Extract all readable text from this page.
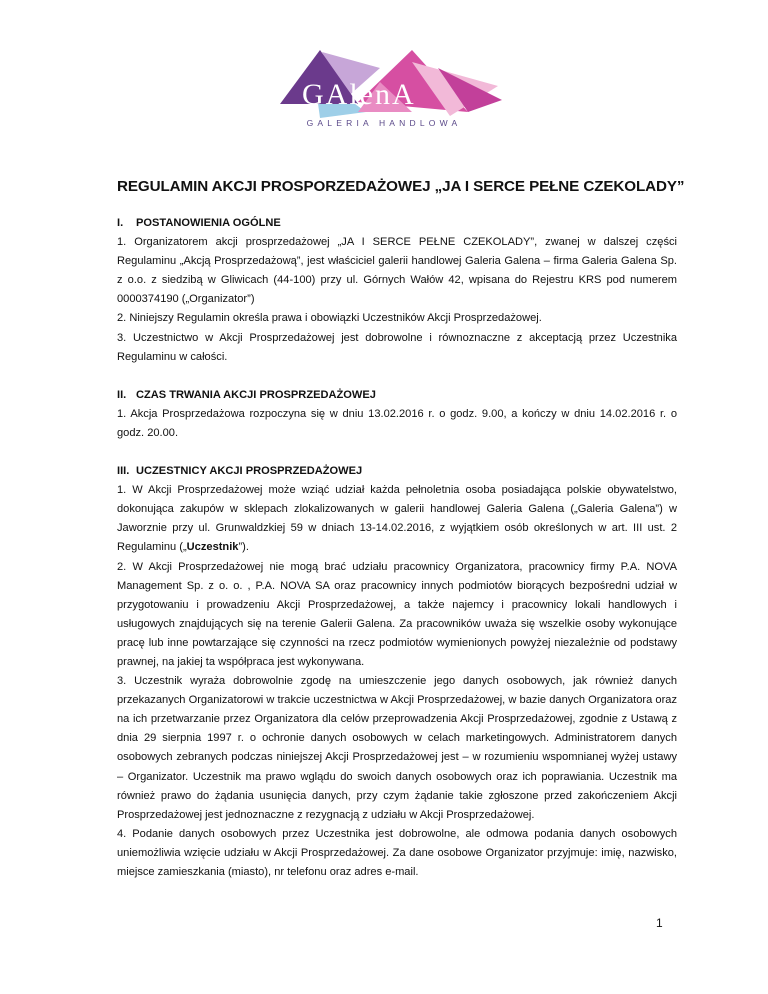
GAlenA
GALERIA HANDLOWA
REGULAMIN AKCJI PROSPORZEDAŻOWEJ „JA I SERCE PEŁNE CZEKOLADY”

I. POSTANOWIENIA OGÓLNE

1. Organizatorem akcji prosprzedażowej „JA I SERCE PEŁNE CZEKOLADY”, zwanej w dalszej części Regulaminu „Akcją Prosprzedażową”, jest właściciel galerii handlowej Galeria Galena – firma Galeria Galena Sp. z o.o. z siedzibą w Gliwicach (44-100) przy ul. Górnych Wałów 42, wpisana do Rejestru KRS pod numerem 0000374190 („Organizator”)

2. Niniejszy Regulamin określa prawa i obowiązki Uczestników Akcji Prosprzedażowej.

3. Uczestnictwo w Akcji Prosprzedażowej jest dobrowolne i równoznaczne z akceptacją przez Uczestnika Regulaminu w całości.

II. CZAS TRWANIA AKCJI PROSPRZEDAŻOWEJ

1. Akcja Prosprzedażowa rozpoczyna się w dniu 13.02.2016 r. o godz. 9.00, a kończy w dniu 14.02.2016 r. o godz. 20.00.

III. UCZESTNICY AKCJI PROSPRZEDAŻOWEJ

1. W Akcji Prosprzedażowej może wziąć udział każda pełnoletnia osoba posiadająca polskie obywatelstwo, dokonująca zakupów w sklepach zlokalizowanych w galerii handlowej Galeria Galena („Galeria Galena”) w Jaworznie przy ul. Grunwaldzkiej 59 w dniach 13-14.02.2016, z wyjątkiem osób określonych w art. III ust. 2 Regulaminu („Uczestnik”).

2. W Akcji Prosprzedażowej nie mogą brać udziału pracownicy Organizatora, pracownicy firmy P.A. NOVA Management Sp. z o. o. , P.A. NOVA SA oraz pracownicy innych podmiotów biorących bezpośredni udział w przygotowaniu i prowadzeniu Akcji Prosprzedażowej, a także najemcy i pracownicy lokali handlowych i usługowych znajdujących się na terenie Galerii Galena. Za pracowników uważa się wszelkie osoby wykonujące pracę lub inne powtarzające się czynności na rzecz podmiotów wymienionych powyżej niezależnie od podstawy prawnej, na jakiej ta współpraca jest wykonywana.

3. Uczestnik wyraża dobrowolnie zgodę na umieszczenie jego danych osobowych, jak również danych przekazanych Organizatorowi w trakcie uczestnictwa w Akcji Prosprzedażowej, w bazie danych Organizatora oraz na ich przetwarzanie przez Organizatora dla celów przeprowadzenia Akcji Prosprzedażowej, zgodnie z Ustawą z dnia 29 sierpnia 1997 r. o ochronie danych osobowych w celach marketingowych. Administratorem danych osobowych zebranych podczas niniejszej Akcji Prosprzedażowej jest – w rozumieniu wspomnianej wyżej ustawy – Organizator. Uczestnik ma prawo wglądu do swoich danych osobowych oraz ich poprawiania. Uczestnik ma również prawo do żądania usunięcia danych, przy czym żądanie takie zgłoszone przed zakończeniem Akcji Prosprzedażowej jest jednoznaczne z rezygnacją z udziału w Akcji Prosprzedażowej.

4. Podanie danych osobowych przez Uczestnika jest dobrowolne, ale odmowa podania danych osobowych uniemożliwia wzięcie udziału w Akcji Prosprzedażowej. Za dane osobowe Organizator przyjmuje: imię, nazwisko, miejsce zamieszkania (miasto), nr telefonu oraz adres e-mail.

1
